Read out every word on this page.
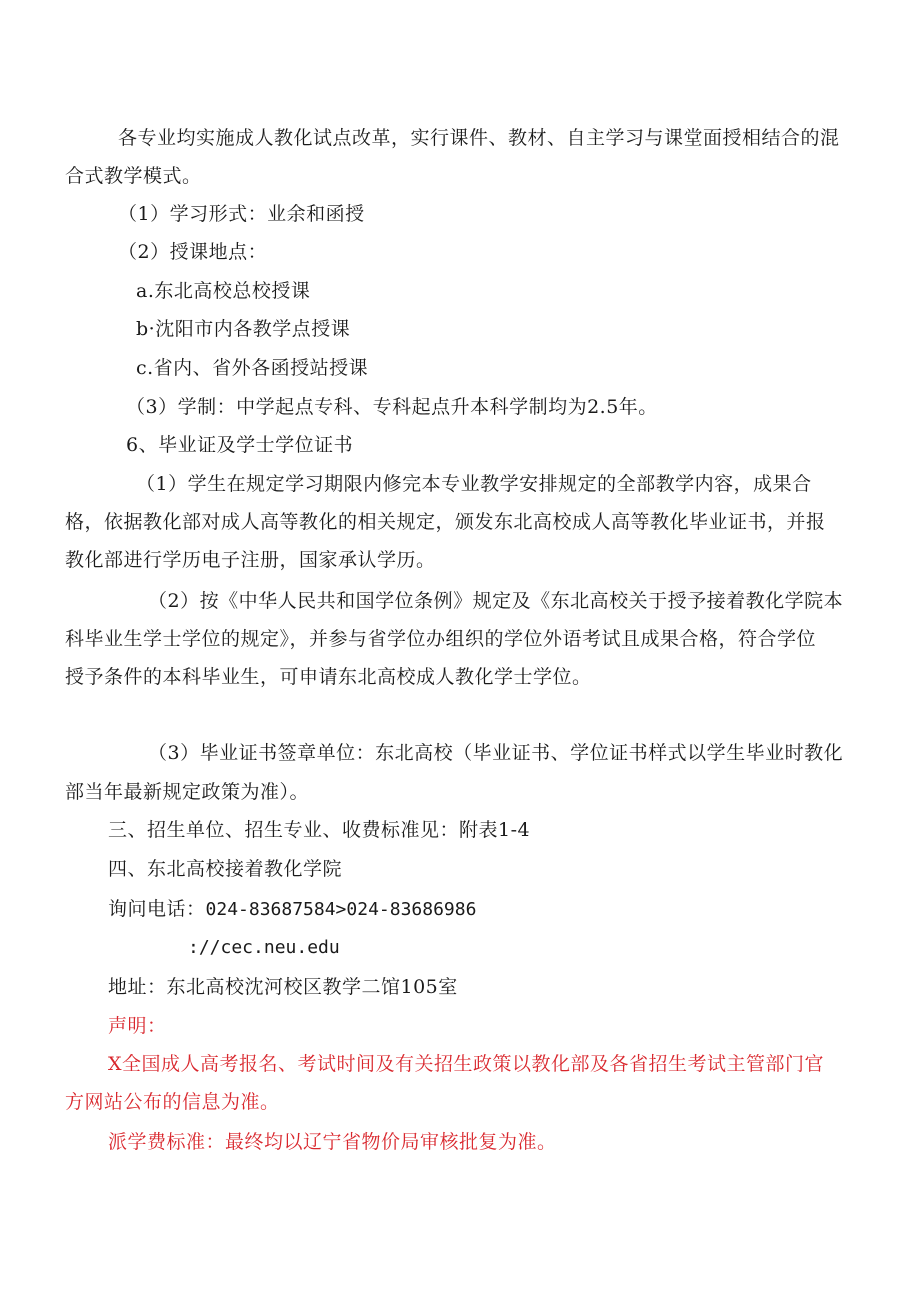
各专业均实施成人教化试点改革，实行课件、教材、自主学习与课堂面授相结合的混
合式教学模式。
（1）学习形式：业余和函授
（2）授课地点：
a.东北高校总校授课
b·沈阳市内各教学点授课
c.省内、省外各函授站授课
（3）学制：中学起点专科、专科起点升本科学制均为2.5年。
6、毕业证及学士学位证书
（1）学生在规定学习期限内修完本专业教学安排规定的全部教学内容，成果合
格，依据教化部对成人高等教化的相关规定，颁发东北高校成人高等教化毕业证书，并报
教化部进行学历电子注册，国家承认学历。
（2）按《中华人民共和国学位条例》规定及《东北高校关于授予接着教化学院本
科毕业生学士学位的规定》，并参与省学位办组织的学位外语考试且成果合格，符合学位
授予条件的本科毕业生，可申请东北高校成人教化学士学位。
（3）毕业证书签章单位：东北高校（毕业证书、学位证书样式以学生毕业时教化
部当年最新规定政策为准）。
三、招生单位、招生专业、收费标准见：附表1-4
四、东北高校接着教化学院
询问电话：024-83687584>024-83686986
://cec.neu.edu
地址：东北高校沈河校区教学二馆105室
声明：
X全国成人高考报名、考试时间及有关招生政策以教化部及各省招生考试主管部门官
方网站公布的信息为准。
派学费标准：最终均以辽宁省物价局审核批复为准。
